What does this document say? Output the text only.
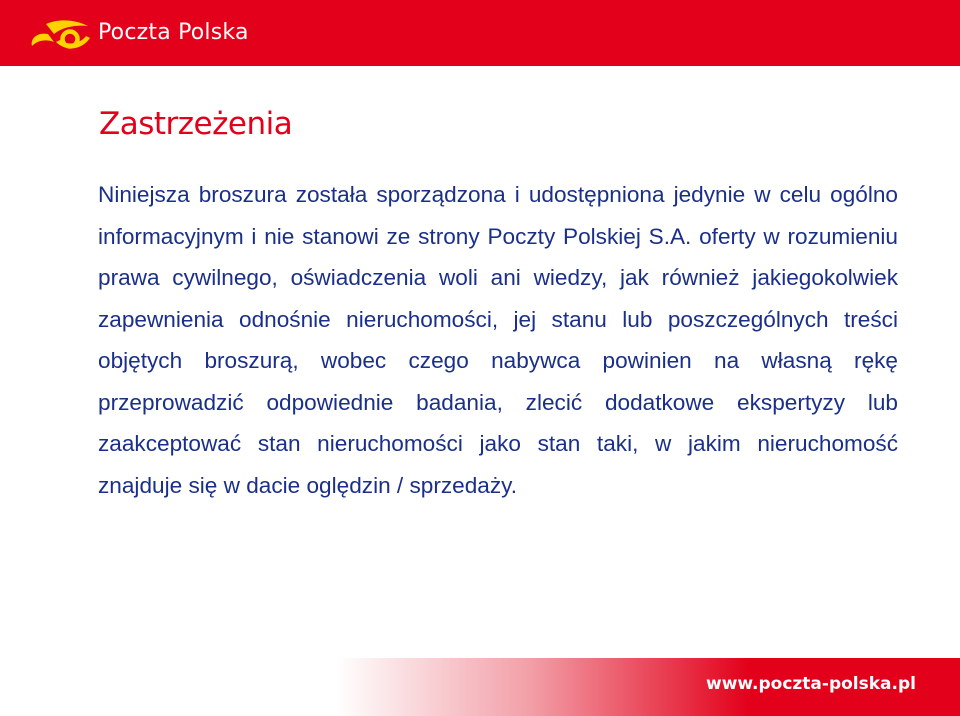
Poczta Polska
Zastrzeżenia

Niniejsza broszura została sporządzona i udostępniona jedynie w celu ogólno informacyjnym i nie stanowi ze strony Poczty Polskiej S.A. oferty w rozumieniu prawa cywilnego, oświadczenia woli ani wiedzy, jak również jakiegokolwiek zapewnienia odnośnie nieruchomości, jej stanu lub poszczególnych treści objętych broszurą, wobec czego nabywca powinien na własną rękę przeprowadzić odpowiednie badania, zlecić dodatkowe ekspertyzy lub zaakceptować stan nieruchomości jako stan taki, w jakim nieruchomość znajduje się w dacie oględzin / sprzedaży.

www.poczta-polska.pl
